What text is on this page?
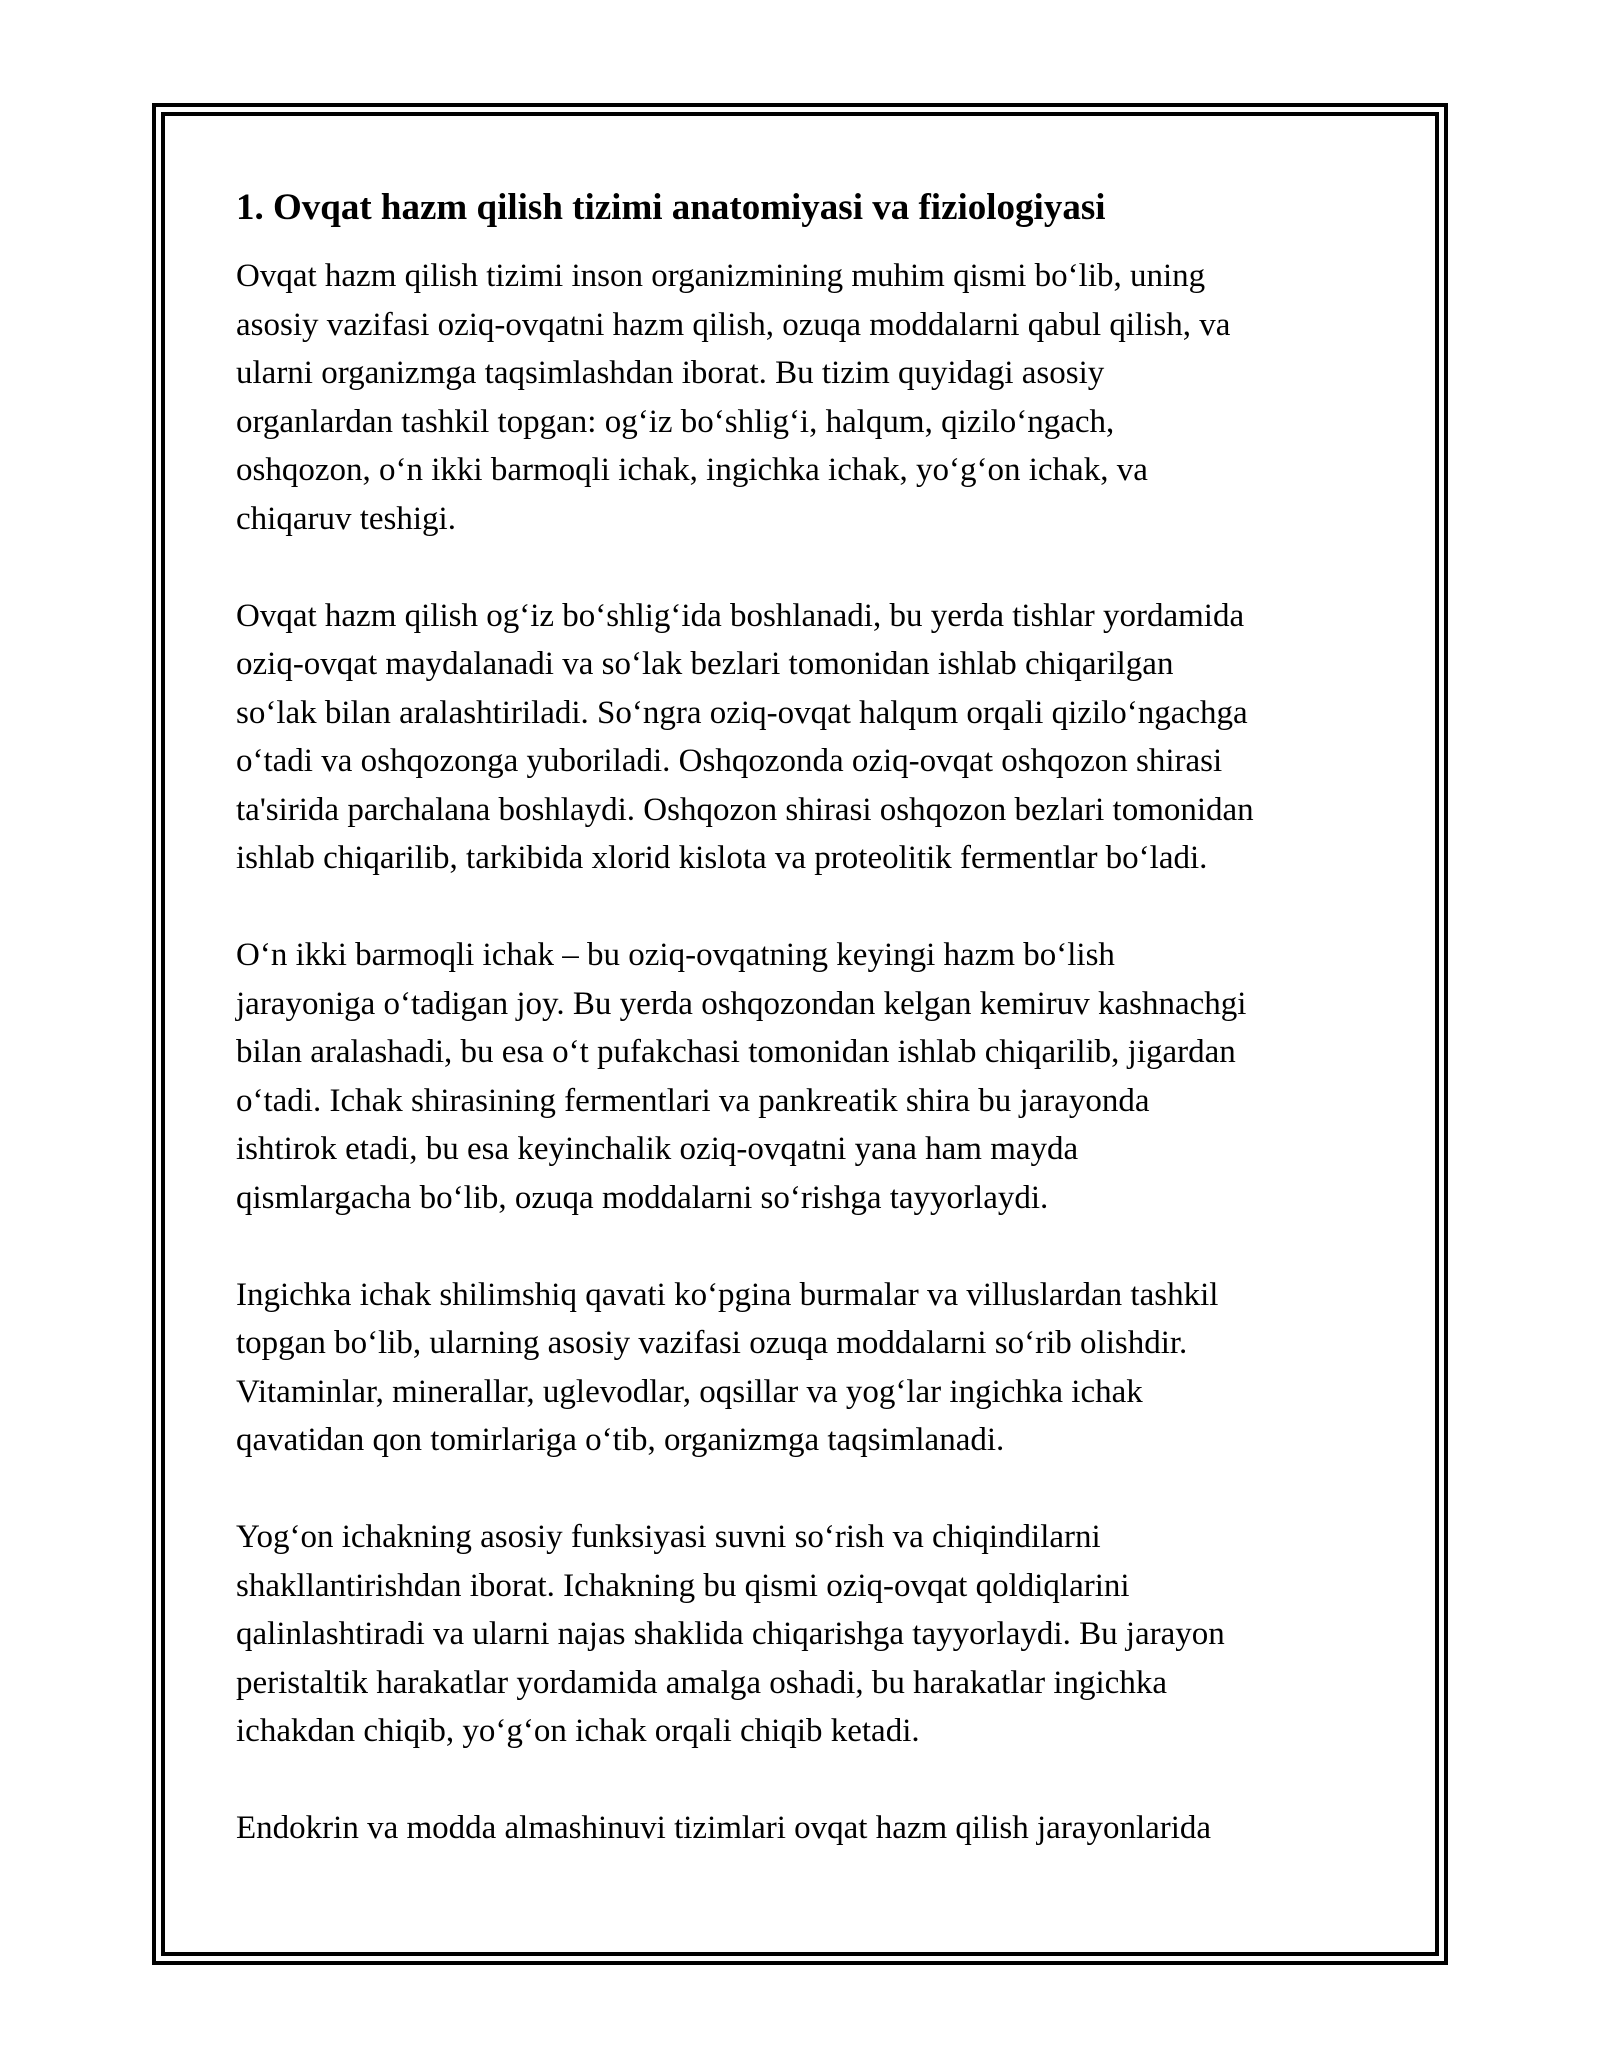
1. Ovqat hazm qilish tizimi anatomiyasi va fiziologiyasi
Ovqat hazm qilish tizimi inson organizmining muhim qismi bo‘lib, uning
asosiy vazifasi oziq-ovqatni hazm qilish, ozuqa moddalarni qabul qilish, va
ularni organizmga taqsimlashdan iborat. Bu tizim quyidagi asosiy
organlardan tashkil topgan: og‘iz bo‘shlig‘i, halqum, qizilo‘ngach,
oshqozon, o‘n ikki barmoqli ichak, ingichka ichak, yo‘g‘on ichak, va
chiqaruv teshigi.
Ovqat hazm qilish og‘iz bo‘shlig‘ida boshlanadi, bu yerda tishlar yordamida
oziq-ovqat maydalanadi va so‘lak bezlari tomonidan ishlab chiqarilgan
so‘lak bilan aralashtiriladi. So‘ngra oziq-ovqat halqum orqali qizilo‘ngachga
o‘tadi va oshqozonga yuboriladi. Oshqozonda oziq-ovqat oshqozon shirasi
ta'sirida parchalana boshlaydi. Oshqozon shirasi oshqozon bezlari tomonidan
ishlab chiqarilib, tarkibida xlorid kislota va proteolitik fermentlar bo‘ladi.
O‘n ikki barmoqli ichak – bu oziq-ovqatning keyingi hazm bo‘lish
jarayoniga o‘tadigan joy. Bu yerda oshqozondan kelgan kemiruv kashnachgi
bilan aralashadi, bu esa o‘t pufakchasi tomonidan ishlab chiqarilib, jigardan
o‘tadi. Ichak shirasining fermentlari va pankreatik shira bu jarayonda
ishtirok etadi, bu esa keyinchalik oziq-ovqatni yana ham mayda
qismlargacha bo‘lib, ozuqa moddalarni so‘rishga tayyorlaydi.
Ingichka ichak shilimshiq qavati ko‘pgina burmalar va villuslardan tashkil
topgan bo‘lib, ularning asosiy vazifasi ozuqa moddalarni so‘rib olishdir.
Vitaminlar, minerallar, uglevodlar, oqsillar va yog‘lar ingichka ichak
qavatidan qon tomirlariga o‘tib, organizmga taqsimlanadi.
Yog‘on ichakning asosiy funksiyasi suvni so‘rish va chiqindilarni
shakllantirishdan iborat. Ichakning bu qismi oziq-ovqat qoldiqlarini
qalinlashtiradi va ularni najas shaklida chiqarishga tayyorlaydi. Bu jarayon
peristaltik harakatlar yordamida amalga oshadi, bu harakatlar ingichka
ichakdan chiqib, yo‘g‘on ichak orqali chiqib ketadi.
Endokrin va modda almashinuvi tizimlari ovqat hazm qilish jarayonlarida
